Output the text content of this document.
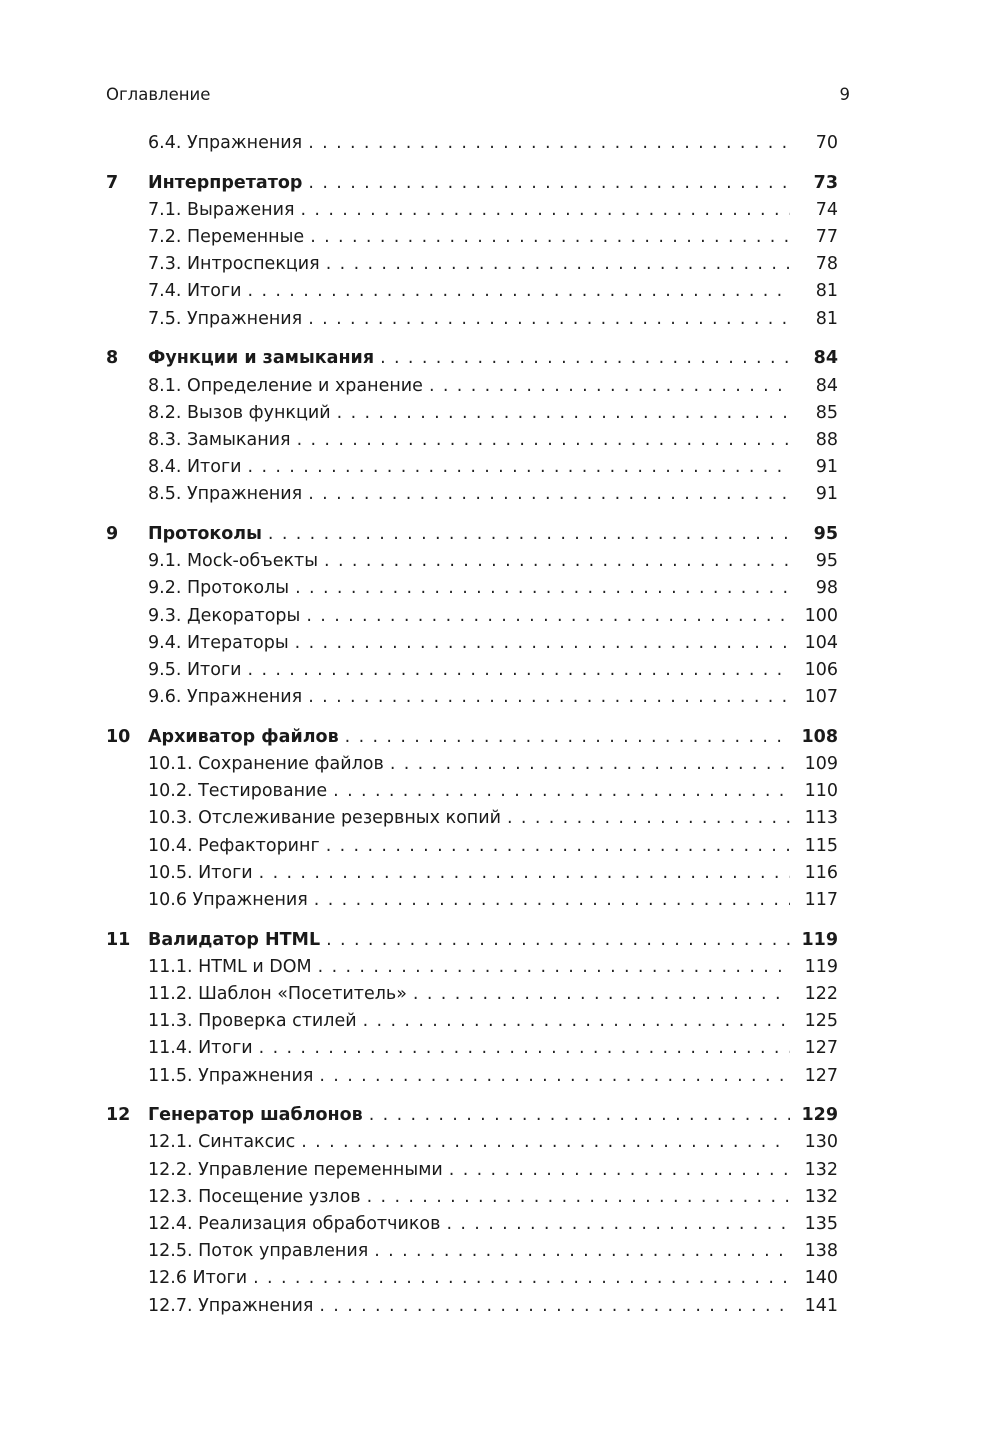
Оглавление	9
6.4. Упражнения . . .	70
7	Интерпретатор . . .	73
7.1. Выражения . . .	74
7.2. Переменные . . .	77
7.3. Интроспекция . . .	78
7.4. Итоги . . .	81
7.5. Упражнения . . .	81
8	Функции и замыкания . . .	84
8.1. Определение и хранение . . .	84
8.2. Вызов функций . . .	85
8.3. Замыкания . . .	88
8.4. Итоги . . .	91
8.5. Упражнения . . .	91
9	Протоколы . . .	95
9.1. Mock-объекты . . .	95
9.2. Протоколы . . .	98
9.3. Декораторы . . .	100
9.4. Итераторы . . .	104
9.5. Итоги . . .	106
9.6. Упражнения . . .	107
10	Архиватор файлов . . .	108
10.1. Сохранение файлов . . .	109
10.2. Тестирование . . .	110
10.3. Отслеживание резервных копий . . .	113
10.4. Рефакторинг . . .	115
10.5. Итоги . . .	116
10.6 Упражнения . . .	117
11	Валидатор HTML . . .	119
11.1. HTML и DOM . . .	119
11.2. Шаблон «Посетитель» . . .	122
11.3. Проверка стилей . . .	125
11.4. Итоги . . .	127
11.5. Упражнения . . .	127
12	Генератор шаблонов . . .	129
12.1. Синтаксис . . .	130
12.2. Управление переменными . . .	132
12.3. Посещение узлов . . .	132
12.4. Реализация обработчиков . . .	135
12.5. Поток управления . . .	138
12.6 Итоги . . .	140
12.7. Упражнения . . .	141
